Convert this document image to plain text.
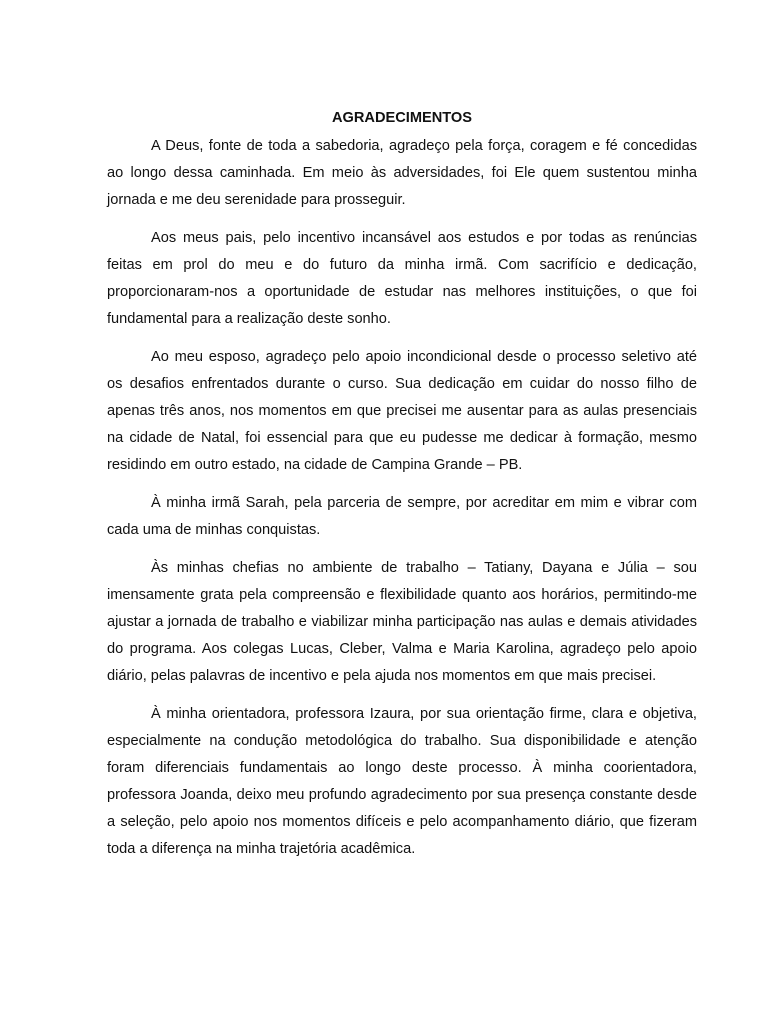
AGRADECIMENTOS

A Deus, fonte de toda a sabedoria, agradeço pela força, coragem e fé concedidas ao longo dessa caminhada. Em meio às adversidades, foi Ele quem sustentou minha jornada e me deu serenidade para prosseguir.

Aos meus pais, pelo incentivo incansável aos estudos e por todas as renúncias feitas em prol do meu e do futuro da minha irmã. Com sacrifício e dedicação, proporcionaram-nos a oportunidade de estudar nas melhores instituições, o que foi fundamental para a realização deste sonho.

Ao meu esposo, agradeço pelo apoio incondicional desde o processo seletivo até os desafios enfrentados durante o curso. Sua dedicação em cuidar do nosso filho de apenas três anos, nos momentos em que precisei me ausentar para as aulas presenciais na cidade de Natal, foi essencial para que eu pudesse me dedicar à formação, mesmo residindo em outro estado, na cidade de Campina Grande – PB.

À minha irmã Sarah, pela parceria de sempre, por acreditar em mim e vibrar com cada uma de minhas conquistas.

Às minhas chefias no ambiente de trabalho – Tatiany, Dayana e Júlia – sou imensamente grata pela compreensão e flexibilidade quanto aos horários, permitindo-me ajustar a jornada de trabalho e viabilizar minha participação nas aulas e demais atividades do programa. Aos colegas Lucas, Cleber, Valma e Maria Karolina, agradeço pelo apoio diário, pelas palavras de incentivo e pela ajuda nos momentos em que mais precisei.

À minha orientadora, professora Izaura, por sua orientação firme, clara e objetiva, especialmente na condução metodológica do trabalho. Sua disponibilidade e atenção foram diferenciais fundamentais ao longo deste processo. À minha coorientadora, professora Joanda, deixo meu profundo agradecimento por sua presença constante desde a seleção, pelo apoio nos momentos difíceis e pelo acompanhamento diário, que fizeram toda a diferença na minha trajetória acadêmica.
